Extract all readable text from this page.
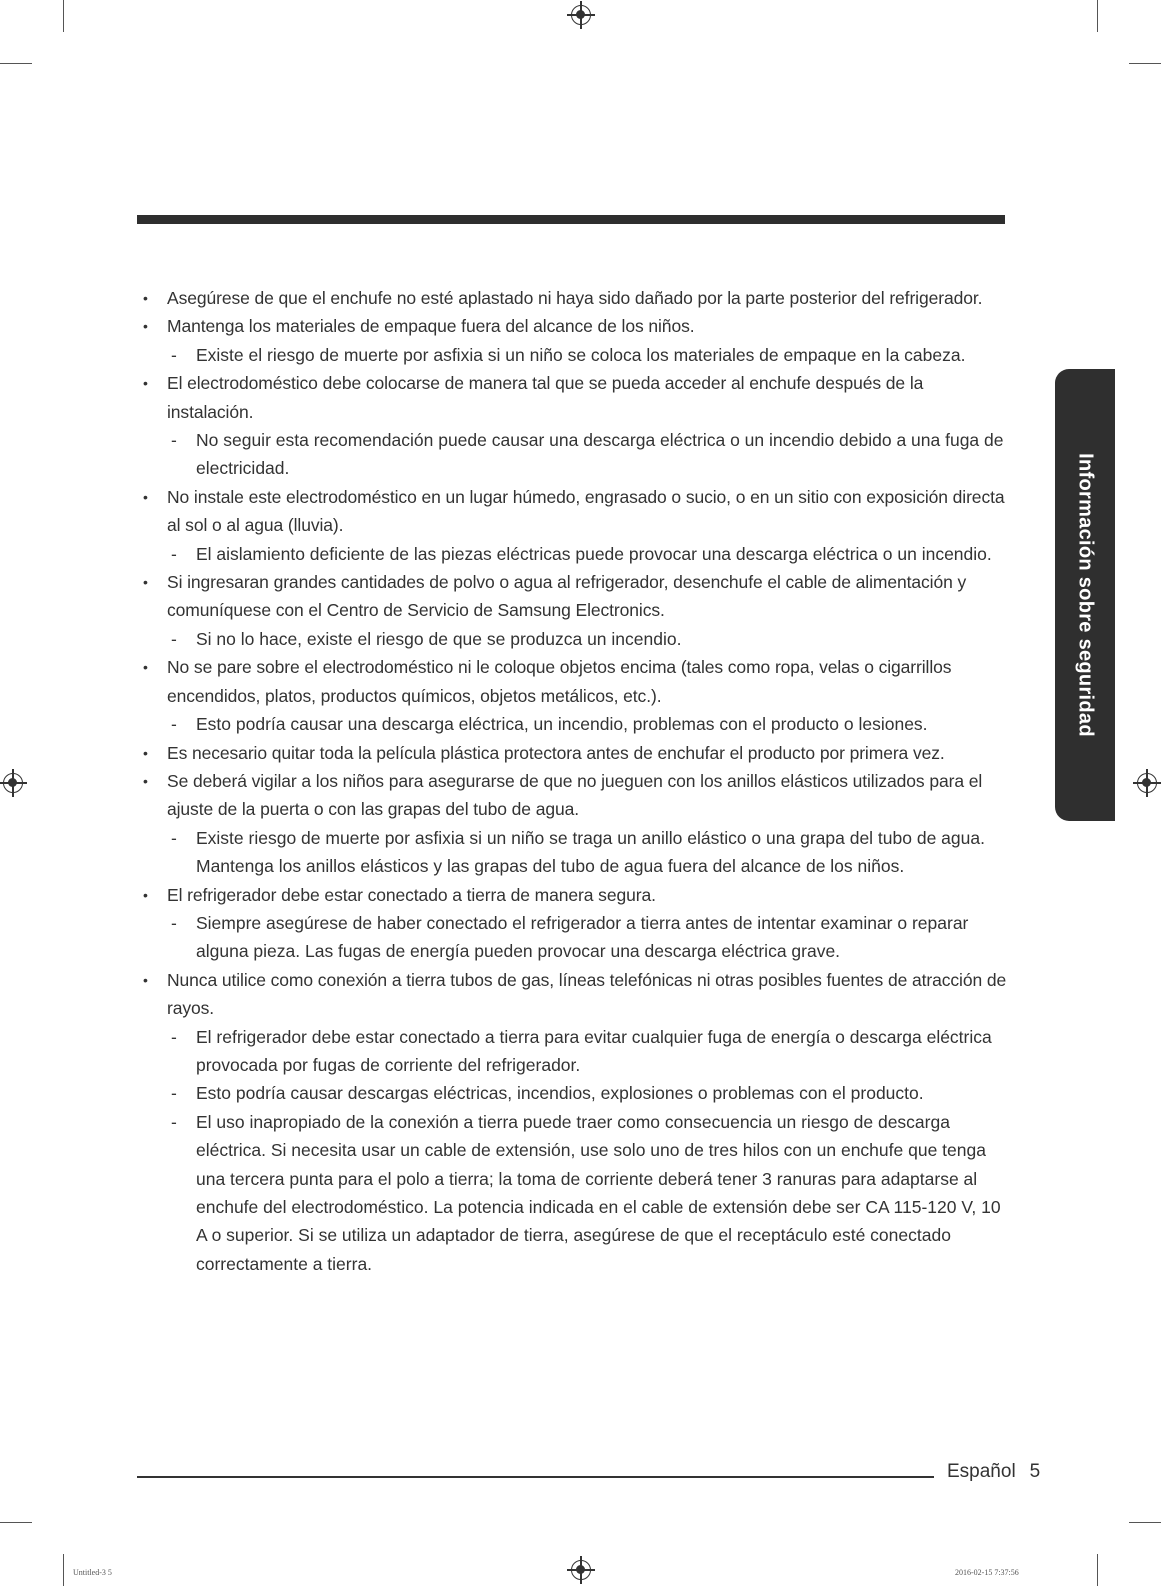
• Asegúrese de que el enchufe no esté aplastado ni haya sido dañado por la parte posterior del refrigerador.
• Mantenga los materiales de empaque fuera del alcance de los niños.
- Existe el riesgo de muerte por asfixia si un niño se coloca los materiales de empaque en la cabeza.
• El electrodoméstico debe colocarse de manera tal que se pueda acceder al enchufe después de la instalación.
- No seguir esta recomendación puede causar una descarga eléctrica o un incendio debido a una fuga de electricidad.
• No instale este electrodoméstico en un lugar húmedo, engrasado o sucio, o en un sitio con exposición directa al sol o al agua (lluvia).
- El aislamiento deficiente de las piezas eléctricas puede provocar una descarga eléctrica o un incendio.
• Si ingresaran grandes cantidades de polvo o agua al refrigerador, desenchufe el cable de alimentación y comuníquese con el Centro de Servicio de Samsung Electronics.
- Si no lo hace, existe el riesgo de que se produzca un incendio.
• No se pare sobre el electrodoméstico ni le coloque objetos encima (tales como ropa, velas o cigarrillos encendidos, platos, productos químicos, objetos metálicos, etc.).
- Esto podría causar una descarga eléctrica, un incendio, problemas con el producto o lesiones.
• Es necesario quitar toda la película plástica protectora antes de enchufar el producto por primera vez.
• Se deberá vigilar a los niños para asegurarse de que no jueguen con los anillos elásticos utilizados para el ajuste de la puerta o con las grapas del tubo de agua.
- Existe riesgo de muerte por asfixia si un niño se traga un anillo elástico o una grapa del tubo de agua. Mantenga los anillos elásticos y las grapas del tubo de agua fuera del alcance de los niños.
• El refrigerador debe estar conectado a tierra de manera segura.
- Siempre asegúrese de haber conectado el refrigerador a tierra antes de intentar examinar o reparar alguna pieza. Las fugas de energía pueden provocar una descarga eléctrica grave.
• Nunca utilice como conexión a tierra tubos de gas, líneas telefónicas ni otras posibles fuentes de atracción de rayos.
- El refrigerador debe estar conectado a tierra para evitar cualquier fuga de energía o descarga eléctrica provocada por fugas de corriente del refrigerador.
- Esto podría causar descargas eléctricas, incendios, explosiones o problemas con el producto.
- El uso inapropiado de la conexión a tierra puede traer como consecuencia un riesgo de descarga eléctrica. Si necesita usar un cable de extensión, use solo uno de tres hilos con un enchufe que tenga una tercera punta para el polo a tierra; la toma de corriente deberá tener 3 ranuras para adaptarse al enchufe del electrodoméstico. La potencia indicada en el cable de extensión debe ser CA 115-120 V, 10 A o superior. Si se utiliza un adaptador de tierra, asegúrese de que el receptáculo esté conectado correctamente a tierra.
Información sobre seguridad
Español 5
Untitled-3 5	2016-02-15 7:37:56
